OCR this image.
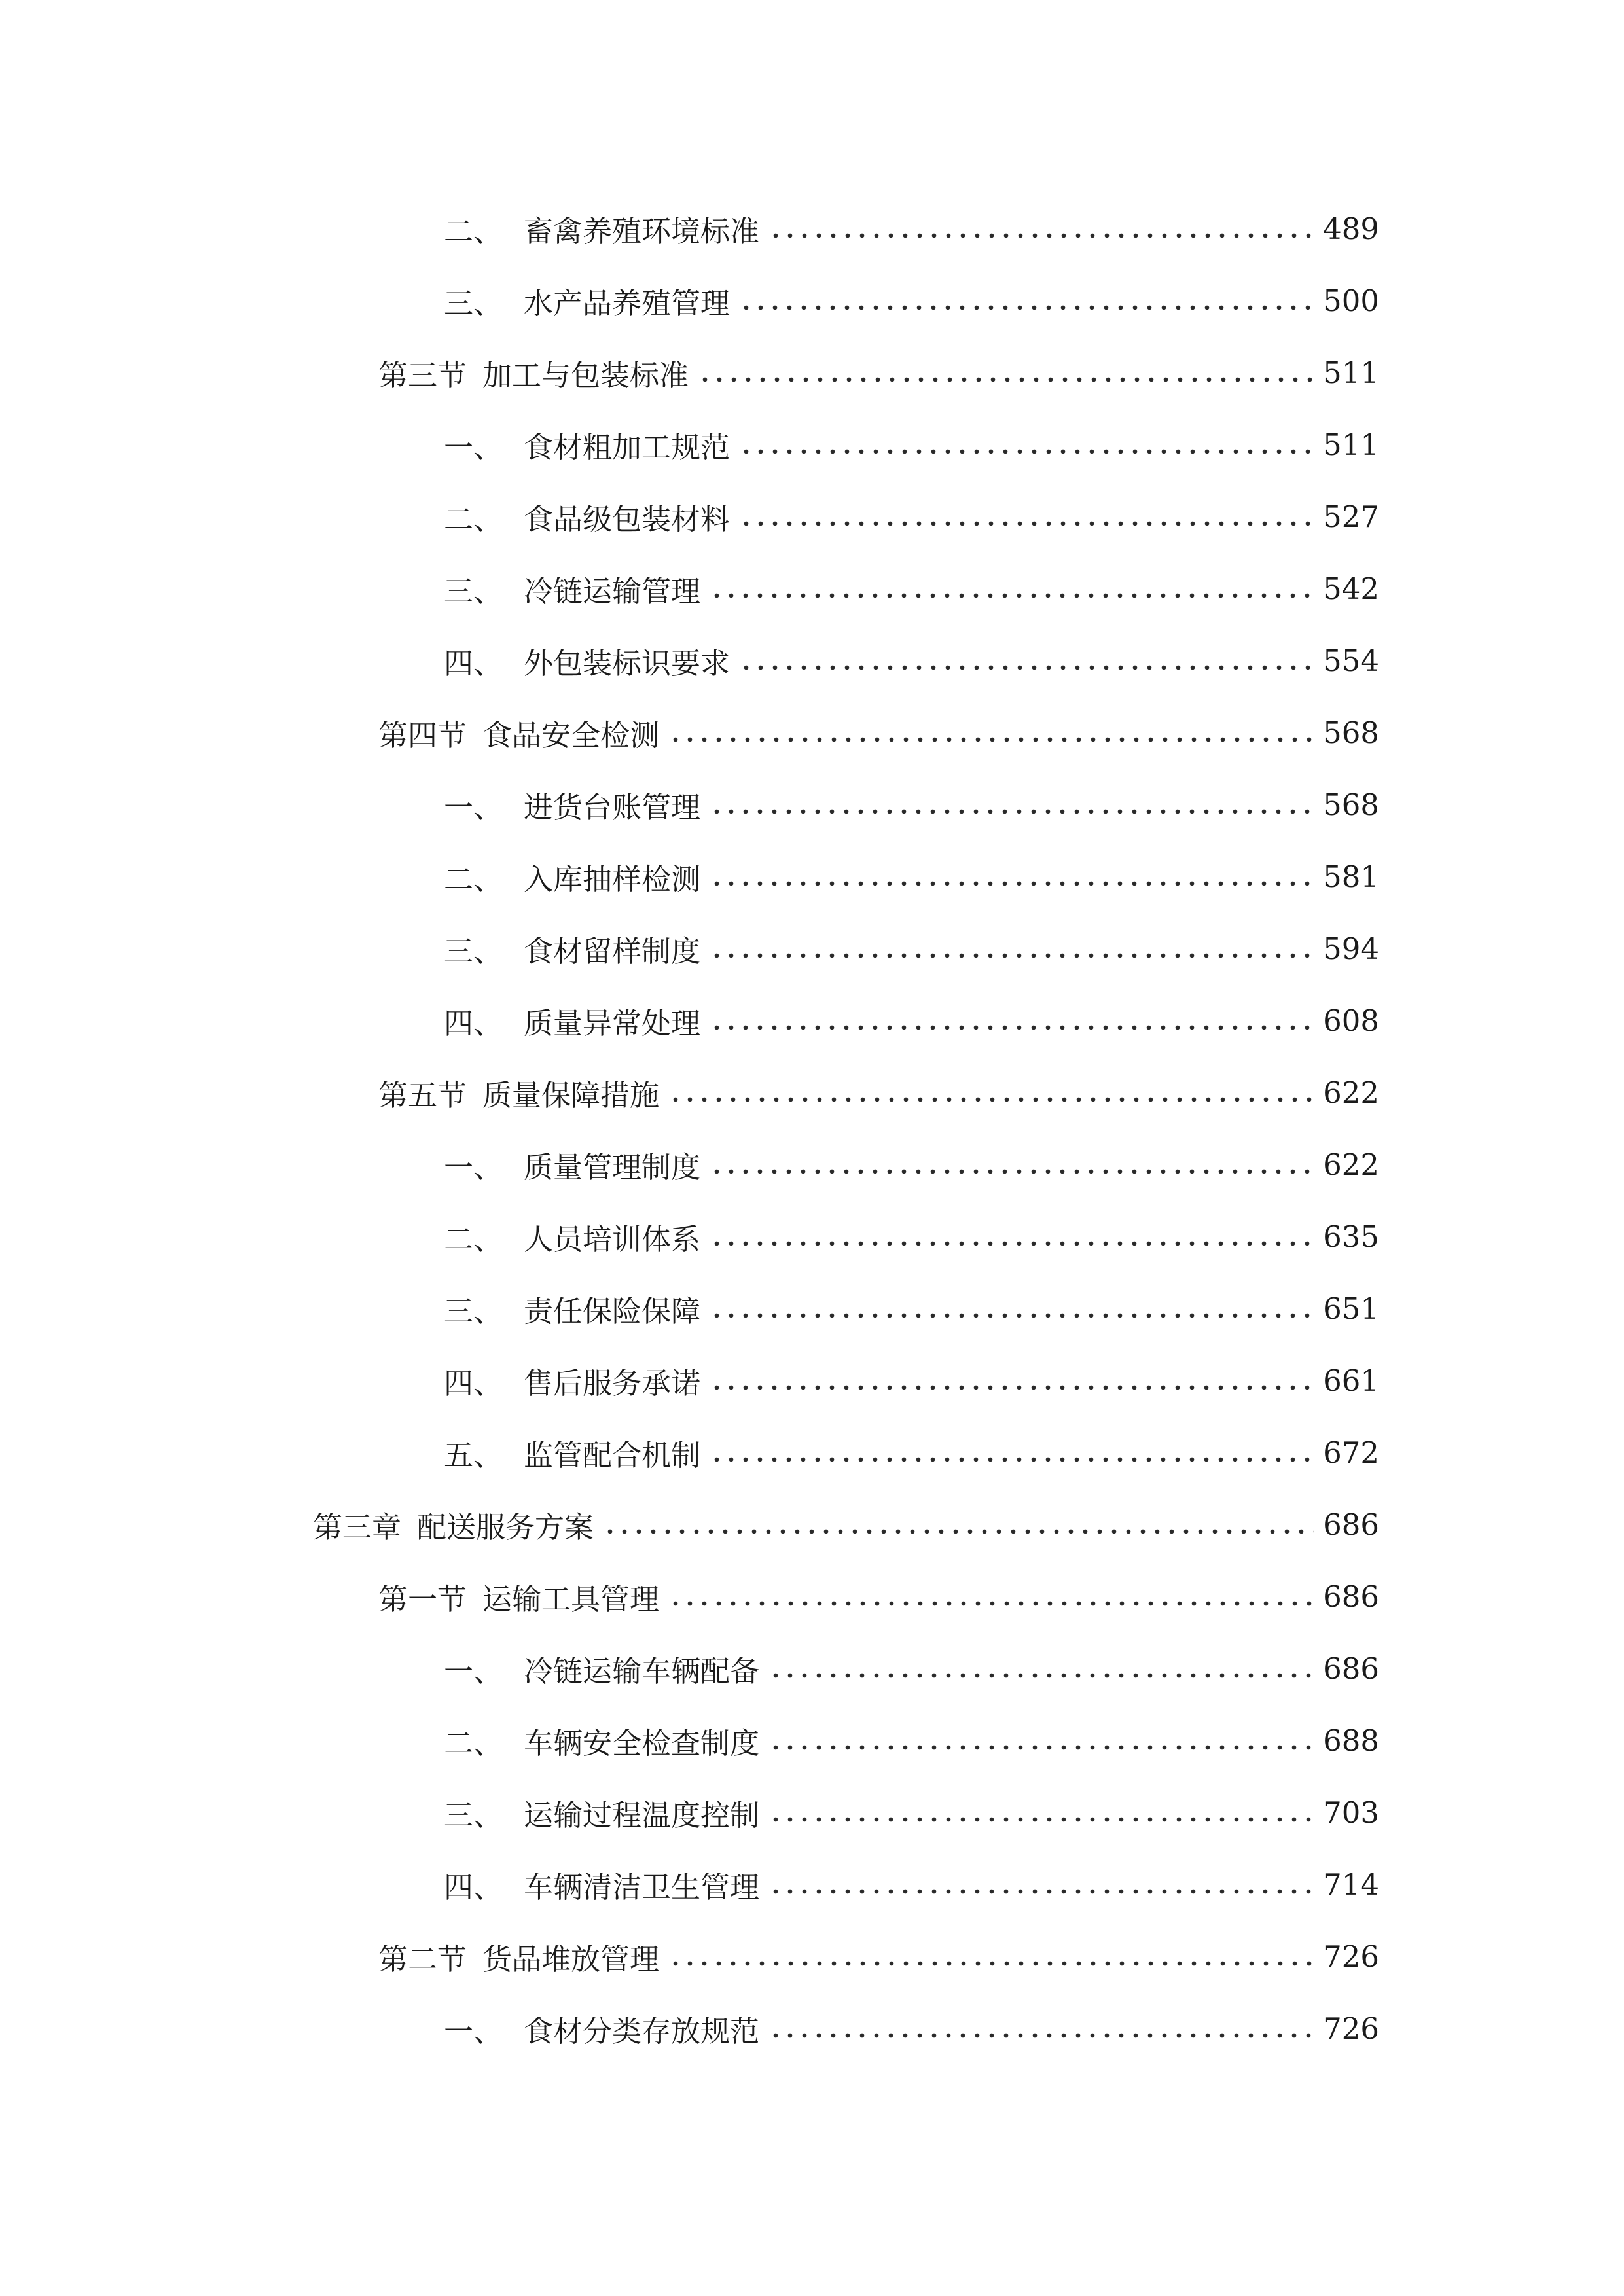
二、 畜禽养殖环境标准	489
三、 水产品养殖管理	500
第三节 加工与包装标准	511
一、 食材粗加工规范	511
二、 食品级包装材料	527
三、 冷链运输管理	542
四、 外包装标识要求	554
第四节 食品安全检测	568
一、 进货台账管理	568
二、 入库抽样检测	581
三、 食材留样制度	594
四、 质量异常处理	608
第五节 质量保障措施	622
一、 质量管理制度	622
二、 人员培训体系	635
三、 责任保险保障	651
四、 售后服务承诺	661
五、 监管配合机制	672
第三章 配送服务方案	686
第一节 运输工具管理	686
一、 冷链运输车辆配备	686
二、 车辆安全检查制度	688
三、 运输过程温度控制	703
四、 车辆清洁卫生管理	714
第二节 货品堆放管理	726
一、 食材分类存放规范	726
